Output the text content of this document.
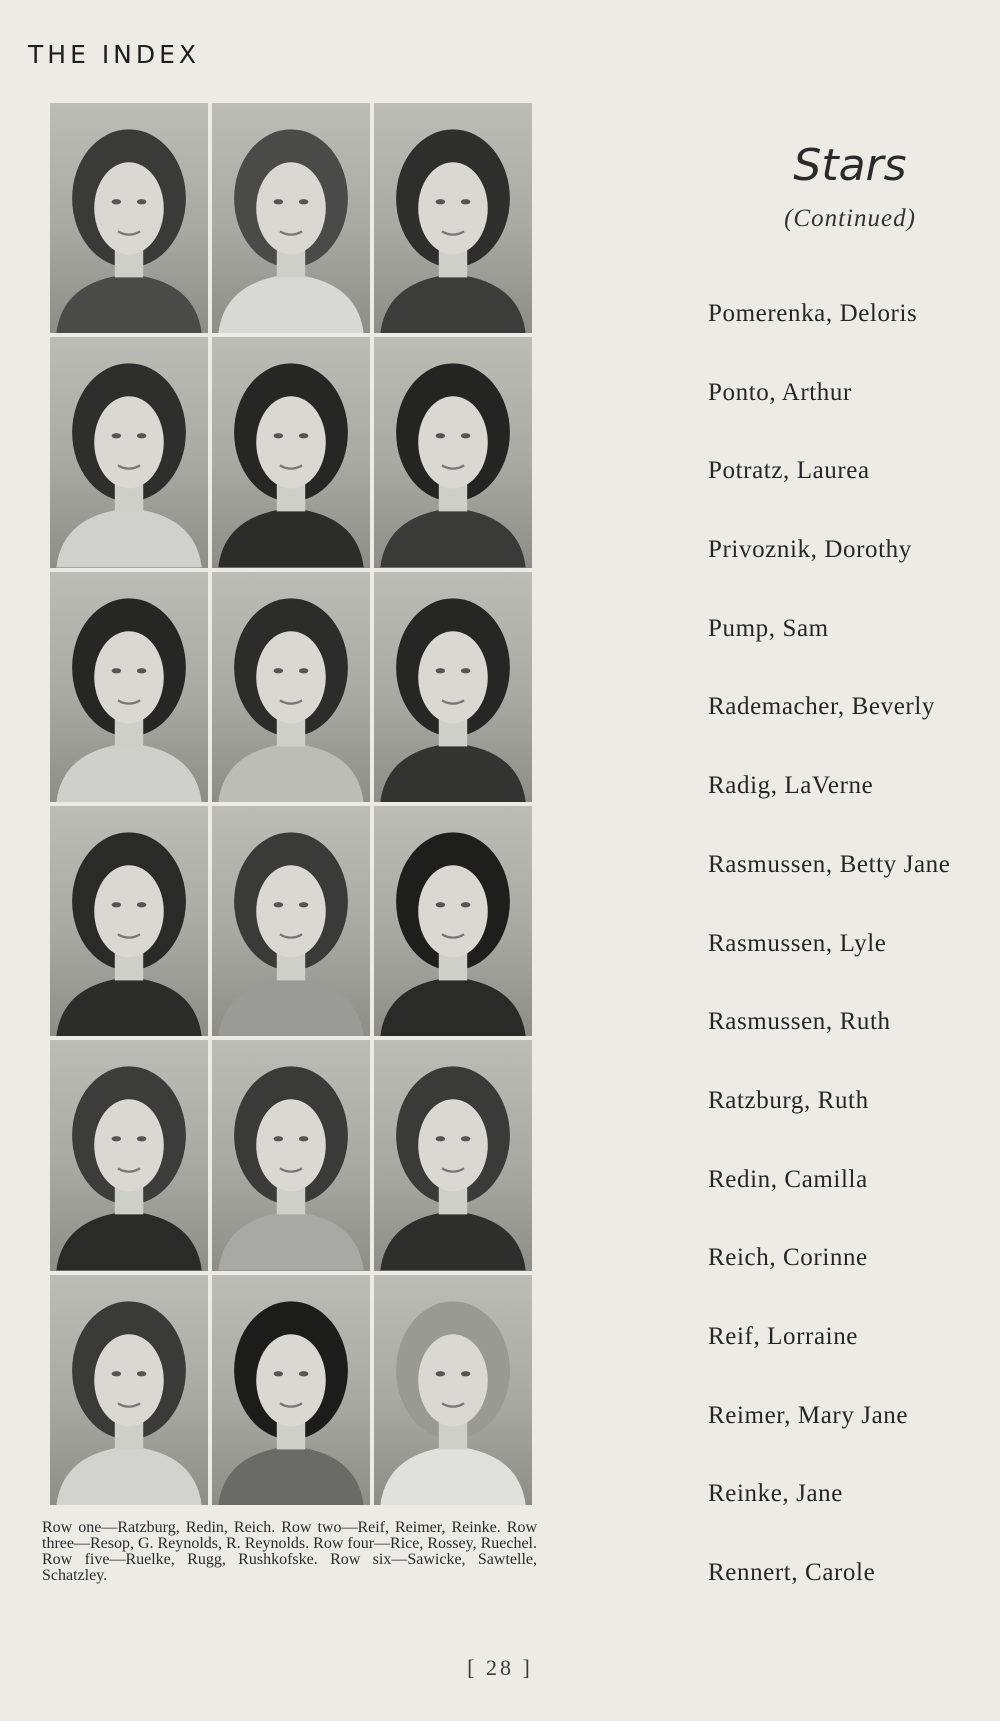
THE INDEX
Row one—Ratzburg, Redin, Reich. Row two—Reif, Reimer, Reinke. Row three—Resop, G. Reynolds, R. Reynolds. Row four—Rice, Rossey, Ruechel. Row five—Ruelke, Rugg, Rushkofske. Row six—Sawicke, Sawtelle, Schatzley.
Stars
(Continued)
Pomerenka, Deloris
Ponto, Arthur
Potratz, Laurea
Privoznik, Dorothy
Pump, Sam
Rademacher, Beverly
Radig, LaVerne
Rasmussen, Betty Jane
Rasmussen, Lyle
Rasmussen, Ruth
Ratzburg, Ruth
Redin, Camilla
Reich, Corinne
Reif, Lorraine
Reimer, Mary Jane
Reinke, Jane
Rennert, Carole
[ 28 ]
